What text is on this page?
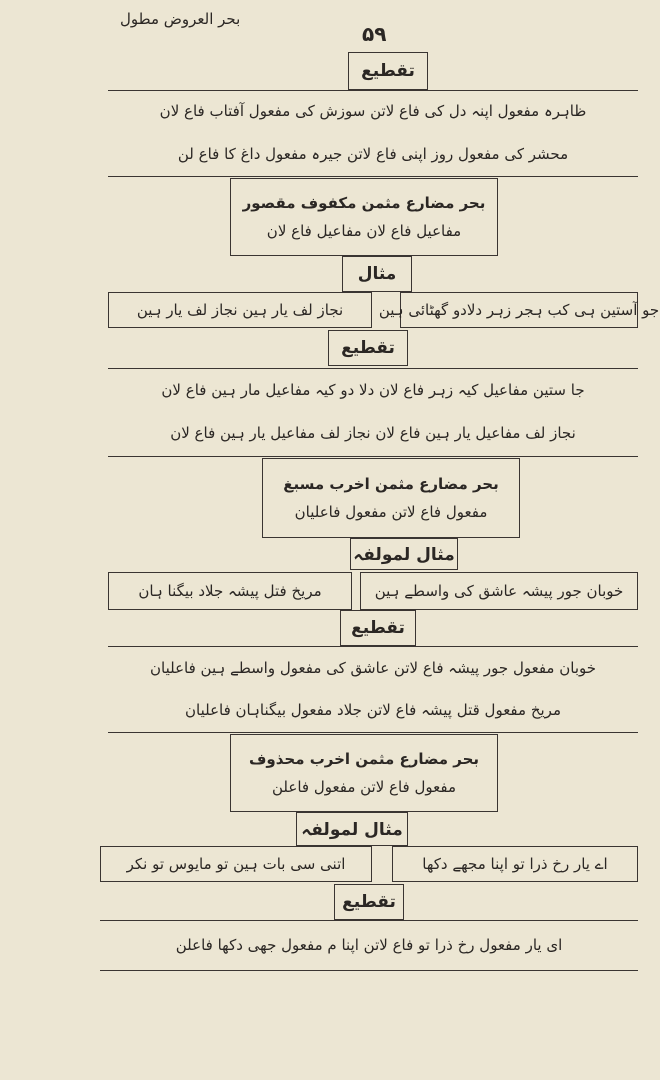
بحر العروض مطول
۵۹
تقطیع
ظاہرہ مفعول اپنہ دل کی فاع لاتن سوزش کی مفعول آفتاب فاع لان
محشر کی مفعول روز اپنی فاع لاتن جیرہ مفعول داغ کا فاع لن
بحر مضارع مثمن مکفوف مقصور
مفاعیل فاع لان مفاعیل فاع لان
مثال
جو آستین ہی کب ہجر زہر دلادو گھٹائی ہین
نجاز لف یار ہین نجاز لف یار ہین
تقطیع
جا ستین مفاعیل کیہ زہر فاع لان دلا دو کیہ مفاعیل مار ہین فاع لان
نجاز لف مفاعیل یار ہین فاع لان نجاز لف مفاعیل یار ہین فاع لان
بحر مضارع مثمن اخرب مسبغ
مفعول فاع لاتن مفعول فاعلیان
مثال لمولفہ
خوبان جور پیشہ عاشق کی واسطے ہین
مریخ فتل پیشہ جلاد بیگنا ہان
تقطیع
خوبان مفعول جور پیشہ فاع لاتن عاشق کی مفعول واسطے ہین فاعلیان
مریخ مفعول قتل پیشہ فاع لاتن جلاد مفعول بیگناہان فاعلیان
بحر مضارع مثمن اخرب محذوف
مفعول فاع لاتن مفعول فاعلن
مثال لمولفہ
اے یار رخ ذرا تو اپنا مجھے دکھا
اتنی سی بات ہین تو مایوس تو نکر
تقطیع
ای یار مفعول رخ ذرا تو فاع لاتن اپنا م مفعول جھی دکھا فاعلن
